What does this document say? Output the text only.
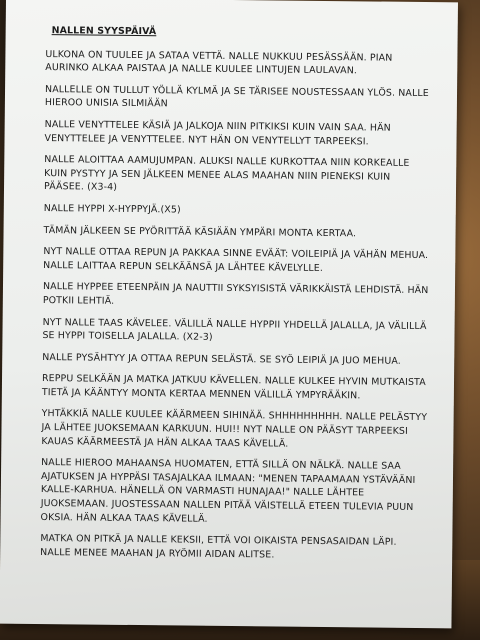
NALLEN SYYSPÄIVÄ

ULKONA ON TUULEE JA SATAA VETTÄ. NALLE NUKKUU PESÄSSÄÄN. PIAN AURINKO ALKAA PAISTAA JA NALLE KUULEE LINTUJEN LAULAVAN.

NALLELLE ON TULLUT YÖLLÄ KYLMÄ JA SE TÄRISEE NOUSTESSAAN YLÖS. NALLE HIEROO UNISIA SILMIÄÄN

NALLE VENYTTELEE KÄSIÄ JA JALKOJA NIIN PITKIKSI KUIN VAIN SAA. HÄN VENYTTELEE JA VENYTTELEE. NYT HÄN ON VENYTELLYT TARPEEKSI.

NALLE ALOITTAA AAMUJUMPAN. ALUKSI NALLE KURKOTTAA NIIN KORKEALLE KUIN PYSTYY JA SEN JÄLKEEN MENEE ALAS MAAHAN NIIN PIENEKSI KUIN PÄÄSEE. (X3-4)

NALLE HYPPI X-HYPPYJÄ.(X5)

TÄMÄN JÄLKEEN SE PYÖRITTÄÄ KÄSIÄÄN YMPÄRI MONTA KERTAA.

NYT NALLE OTTAA REPUN JA PAKKAA SINNE EVÄÄT: VOILEIPIÄ JA VÄHÄN MEHUA. NALLE LAITTAA REPUN SELKÄÄNSÄ JA LÄHTEE KÄVELYLLE.

NALLE HYPPEE ETEENPÄIN JA NAUTTII SYKSYISISTÄ VÄRIKKÄISTÄ LEHDISTÄ. HÄN POTKII LEHTIÄ.

NYT NALLE TAAS KÄVELEE. VÄLILLÄ NALLE HYPPII YHDELLÄ JALALLA, JA VÄLILLÄ SE HYPPI TOISELLA JALALLA. (X2-3)

NALLE PYSÄHTYY JA OTTAA REPUN SELÄSTÄ. SE SYÖ LEIPIÄ JA JUO MEHUA.

REPPU SELKÄÄN JA MATKA JATKUU KÄVELLEN. NALLE KULKEE HYVIN MUTKAISTA TIETÄ JA KÄÄNTYY MONTA KERTAA MENNEN VÄLILLÄ YMPYRÄÄKIN.

YHTÄKKIÄ NALLE KUULEE KÄÄRMEEN SIHINÄÄ. SHHHHHHHHH. NALLE PELÄSTYY JA LÄHTEE JUOKSEMAAN KARKUUN. HUI!! NYT NALLE ON PÄÄSYT TARPEEKSI KAUAS KÄÄRMEESTÄ JA HÄN ALKAA TAAS KÄVELLÄ.

NALLE HIEROO MAHAANSA HUOMATEN, ETTÄ SILLÄ ON NÄLKÄ. NALLE SAA AJATUKSEN JA HYPPÄSI TASAJALKAA ILMAAN: "MENEN TAPAAMAAN YSTÄVÄÄNI KALLE-KARHUA. HÄNELLÄ ON VARMASTI HUNAJAA!" NALLE LÄHTEE JUOKSEMAAN. JUOSTESSAAN NALLEN PITÄÄ VÄISTELLÄ ETEEN TULEVIA PUUN OKSIA. HÄN ALKAA TAAS KÄVELLÄ.

MATKA ON PITKÄ JA NALLE KEKSII, ETTÄ VOI OIKAISTA PENSASAIDAN LÄPI. NALLE MENEE MAAHAN JA RYÖMII AIDAN ALITSE.
